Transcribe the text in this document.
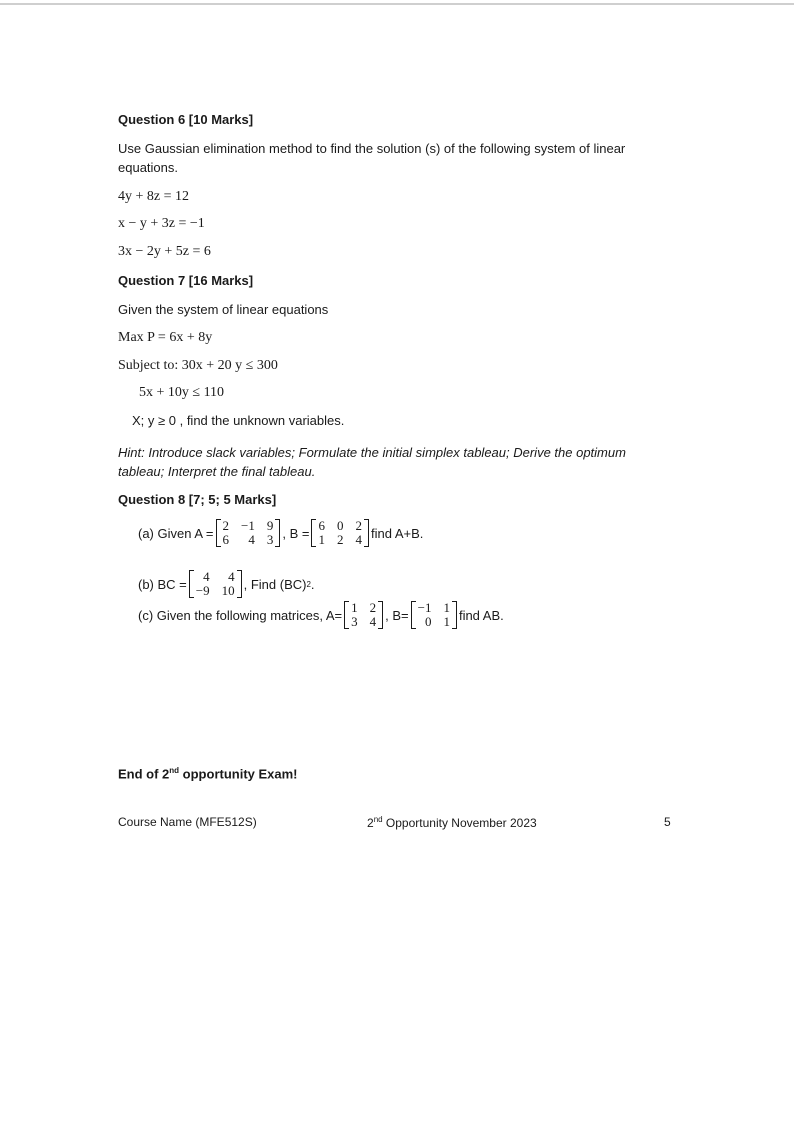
Question 6 [10 Marks]
Use Gaussian elimination method to find the solution (s) of the following system of linear
equations.
4y + 8z = 12
x − y + 3z = −1
3x − 2y + 5z = 6
Question 7 [16 Marks]
Given the system of linear equations
Max P = 6x + 8y
Subject to: 30x + 20 y ≤ 300
5x + 10y ≤ 110
X; y ≥ 0 , find the unknown variables.
Hint: Introduce slack variables; Formulate the initial simplex tableau; Derive the optimum
tableau; Interpret the final tableau.
Question 8 [7; 5; 5 Marks]
(a) Given A = 2 −1 9
6	4 3 , B = 6 0 2
1 2 4 find A+B.
(b) BC =	4	4
−9 10 , Find (BC) 2 .
(c) Given the following matrices, A= 1 2
3 4 , B= −1 1
0 1 find AB.
End of 2nd opportunity Exam!
Course Name (MFE512S)	2nd Opportunity November 2023	5
